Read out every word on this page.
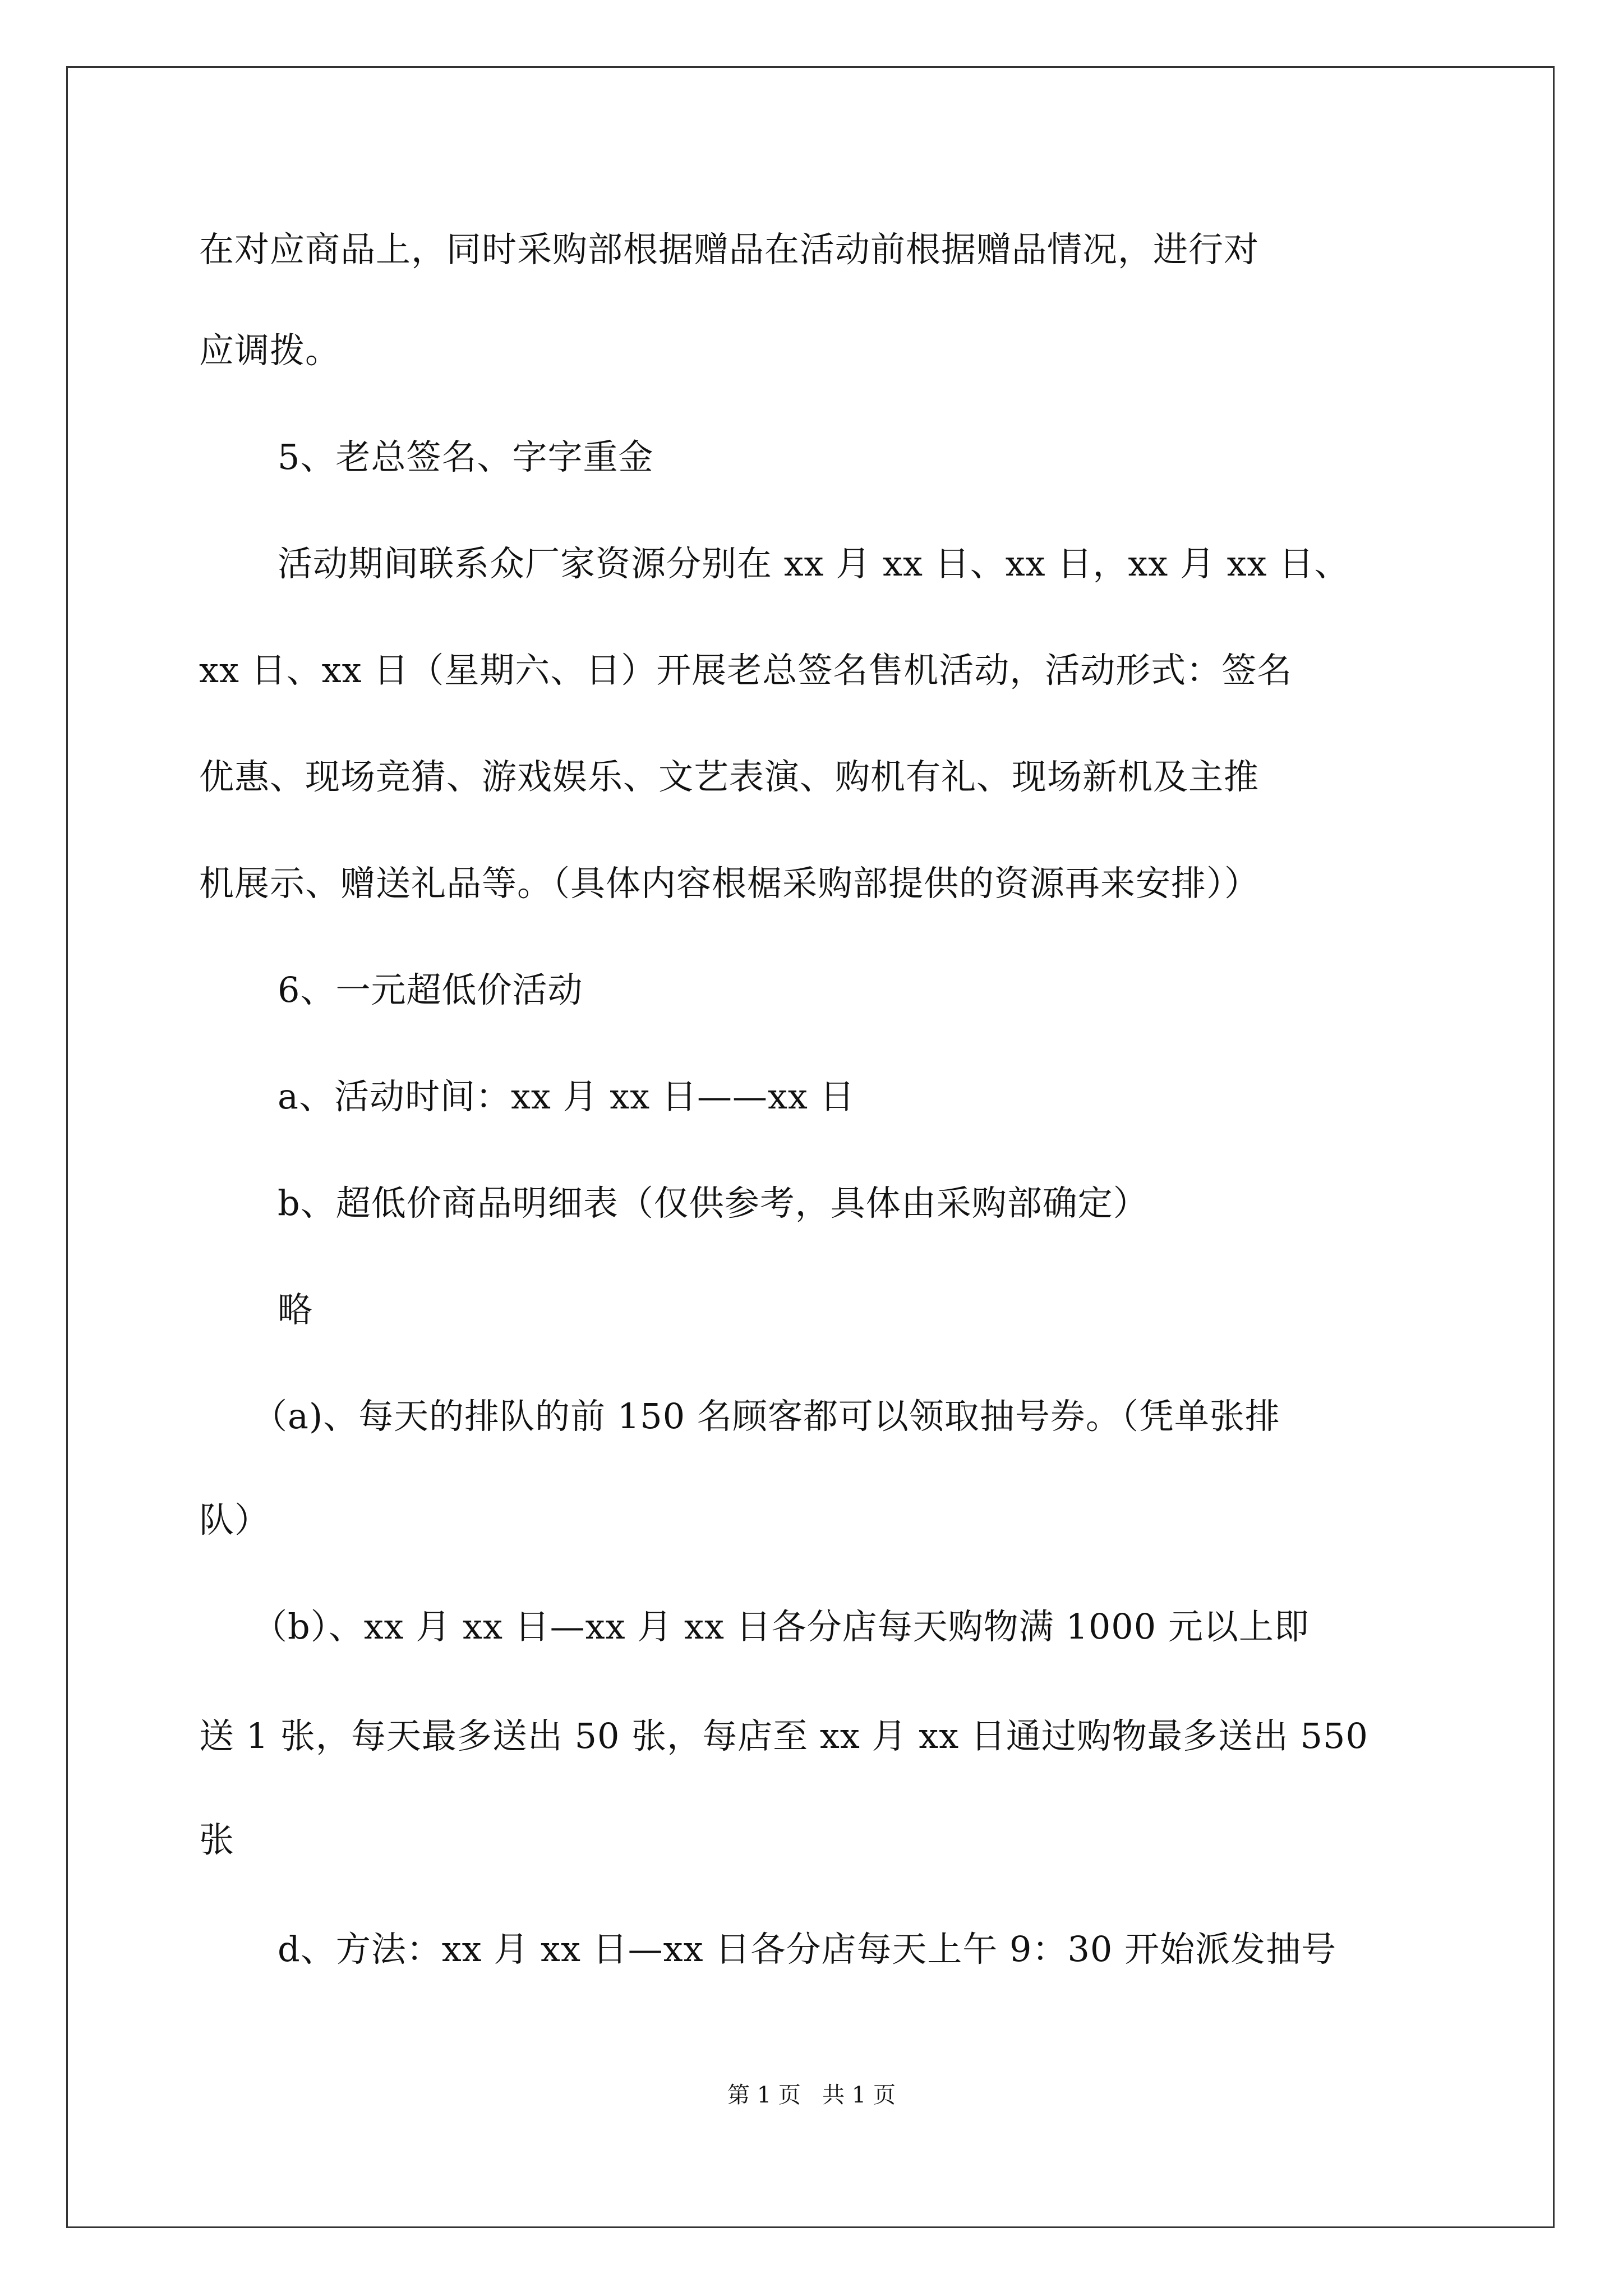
在对应商品上，同时采购部根据赠品在活动前根据赠品情况，进行对
应调拨。
5、老总签名、字字重金
活动期间联系众厂家资源分别在 xx 月 xx 日、xx 日，xx 月 xx 日、
xx 日、xx 日（星期六、日）开展老总签名售机活动，活动形式：签名
优惠、现场竞猜、游戏娱乐、文艺表演、购机有礼、现场新机及主推
机展示、赠送礼品等。（具体内容根椐采购部提供的资源再来安排））
6、一元超低价活动
a、活动时间：xx 月 xx 日——xx 日
b、超低价商品明细表（仅供参考，具体由采购部确定）
略
（a)、每天的排队的前 150 名顾客都可以领取抽号券。（凭单张排
队）
（b）、xx 月 xx 日—xx 月 xx 日各分店每天购物满 1000 元以上即
送 1 张，每天最多送出 50 张，每店至 xx 月 xx 日通过购物最多送出 550
张
d、方法：xx 月 xx 日—xx 日各分店每天上午 9：30 开始派发抽号
第 1 页   共 1 页
